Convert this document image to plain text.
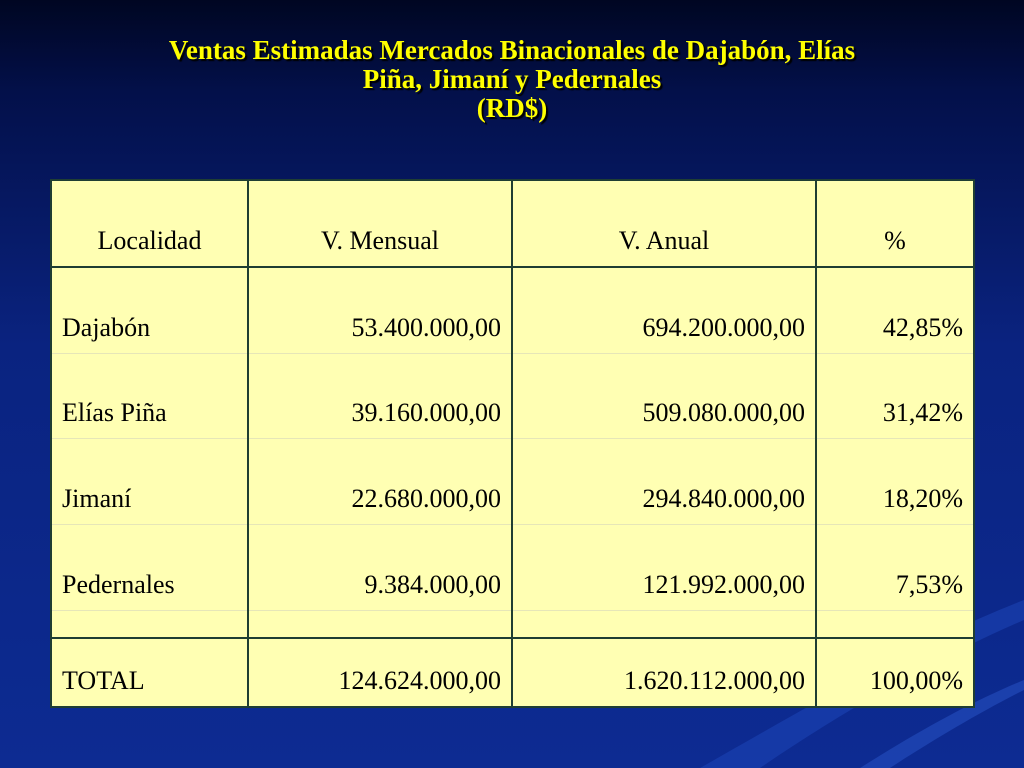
Ventas Estimadas Mercados Binacionales de Dajabón, Elías
Piña, Jimaní y Pedernales
(RD$)
Localidad	V. Mensual	V. Anual	%
Dajabón	53.400.000,00	694.200.000,00	42,85%
Elías Piña	39.160.000,00	509.080.000,00	31,42%
Jimaní	22.680.000,00	294.840.000,00	18,20%
Pedernales	9.384.000,00	121.992.000,00	7,53%

TOTAL	124.624.000,00	1.620.112.000,00	100,00%
